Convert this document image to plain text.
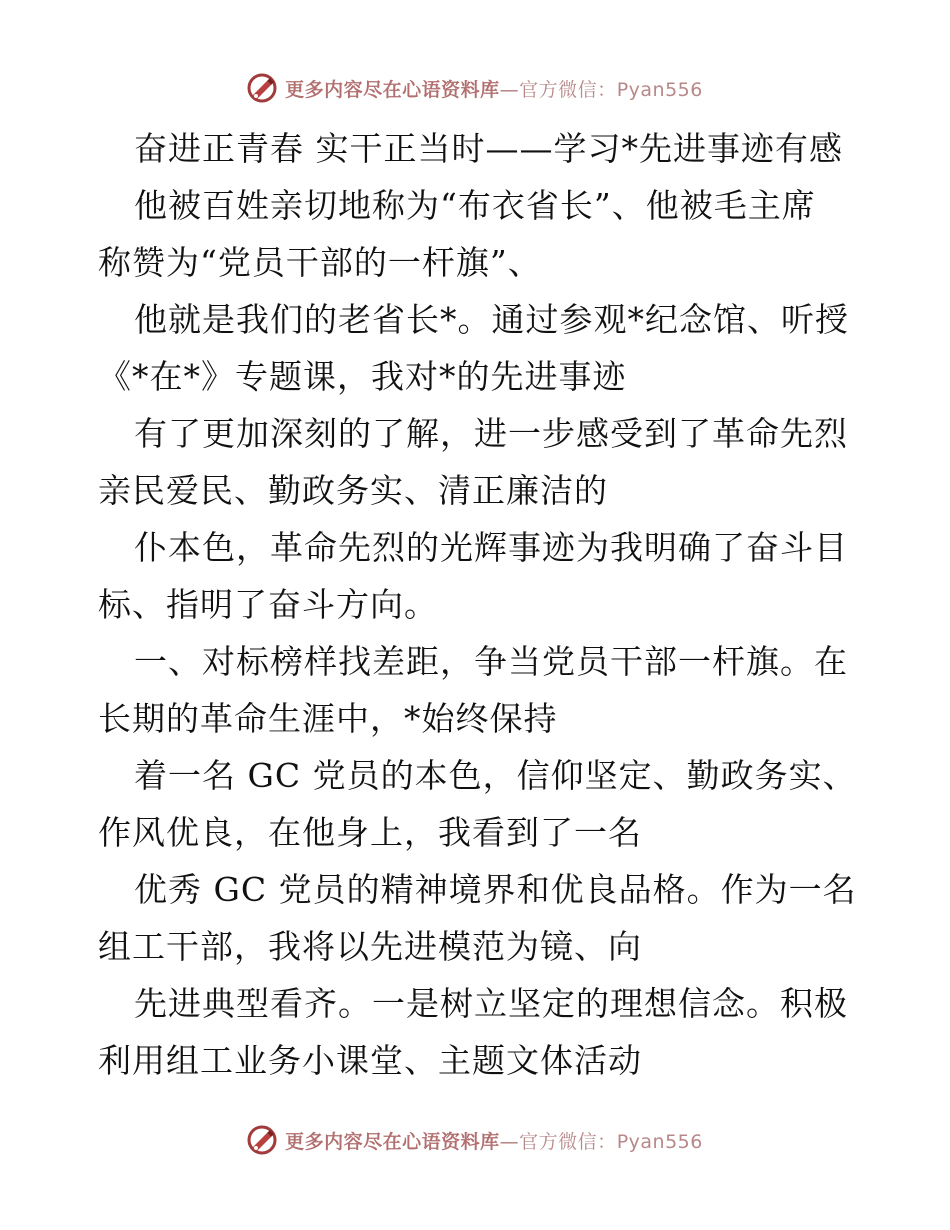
更多内容尽在心语资料库—官方微信：Pyan556
奋进正青春 实干正当时——学习*先进事迹有感
他被百姓亲切地称为“布衣省长”、他被毛主席
称赞为“党员干部的一杆旗”、
他就是我们的老省长*。通过参观*纪念馆、听授
《*在*》专题课，我对*的先进事迹
有了更加深刻的了解，进一步感受到了革命先烈
亲民爱民、勤政务实、清正廉洁的
仆本色，革命先烈的光辉事迹为我明确了奋斗目
标、指明了奋斗方向。
一、对标榜样找差距，争当党员干部一杆旗。在
长期的革命生涯中，*始终保持
着一名 GC 党员的本色，信仰坚定、勤政务实、
作风优良，在他身上，我看到了一名
优秀 GC 党员的精神境界和优良品格。作为一名
组工干部，我将以先进模范为镜、向
先进典型看齐。一是树立坚定的理想信念。积极
利用组工业务小课堂、主题文体活动
更多内容尽在心语资料库—官方微信：Pyan556
